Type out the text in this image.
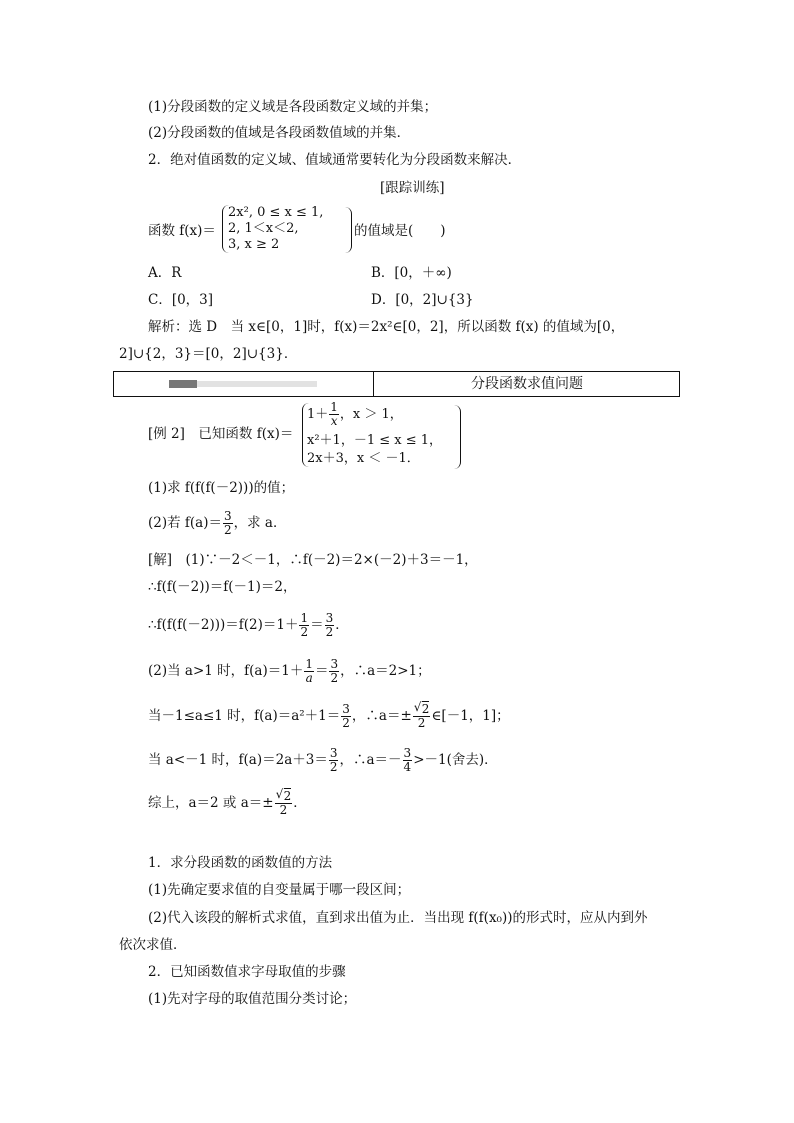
(1)分段函数的定义域是各段函数定义域的并集；
(2)分段函数的值域是各段函数值域的并集．
2．绝对值函数的定义域、值域通常要转化为分段函数来解决．
[跟踪训练]
函数 f(x)＝
2x², 0 ≤ x ≤ 1,
2, 1＜x＜2,
3, x ≥ 2
的值域是(　　)
A．R	B．[0，＋∞)
C．[0，3]	D．[0，2]∪{3}
解析：选 D　当 x∈[0，1]时，f(x)＝2x²∈[0，2]，所以函数 f(x) 的值域为[0，
2]∪{2，3}＝[0，2]∪{3}．
分段函数求值问题
[例 2]　已知函数 f(x)＝
$1+ \frac{1}{x}$ ，x ＞ 1，
x²＋1，－1 ≤ x ≤ 1，
2x＋3，x ＜ －1．
(1)求 f(f(f(－2)))的值；
(2)若 $f(a)= \frac{3}{2}$ ，求 a．
[解]　(1)∵－2＜－1，∴f(－2)＝2×(－2)＋3＝－1，
∴f(f(－2))＝f(－1)＝2，
∴f(f(f(－2)))＝f(2)＝1＋ $\frac{1}{2} = \frac{3}{2}$ ．
(2)当 a>1 时，$f(a)=1+ \frac{1}{a} = \frac{3}{2}$ ，∴a＝2>1；
当－1≤a≤1 时，$f(a)=a^2+1= \frac{3}{2}$ ，∴a＝± √ $\frac{2}{2}$ ∈[－1，1]；
当 a<－1 时，$f(a)=2a+3= \frac{3}{2}$ ，∴a＝－ $\frac{3}{4} >-1$(舍去)．
综上，a＝2 或 a＝± √ $\frac{2}{2}$ ．
1．求分段函数的函数值的方法
(1)先确定要求值的自变量属于哪一段区间；
(2)代入该段的解析式求值，直到求出值为止．当出现 f(f(x₀))的形式时，应从内到外
依次求值．
2．已知函数值求字母取值的步骤
(1)先对字母的取值范围分类讨论；
